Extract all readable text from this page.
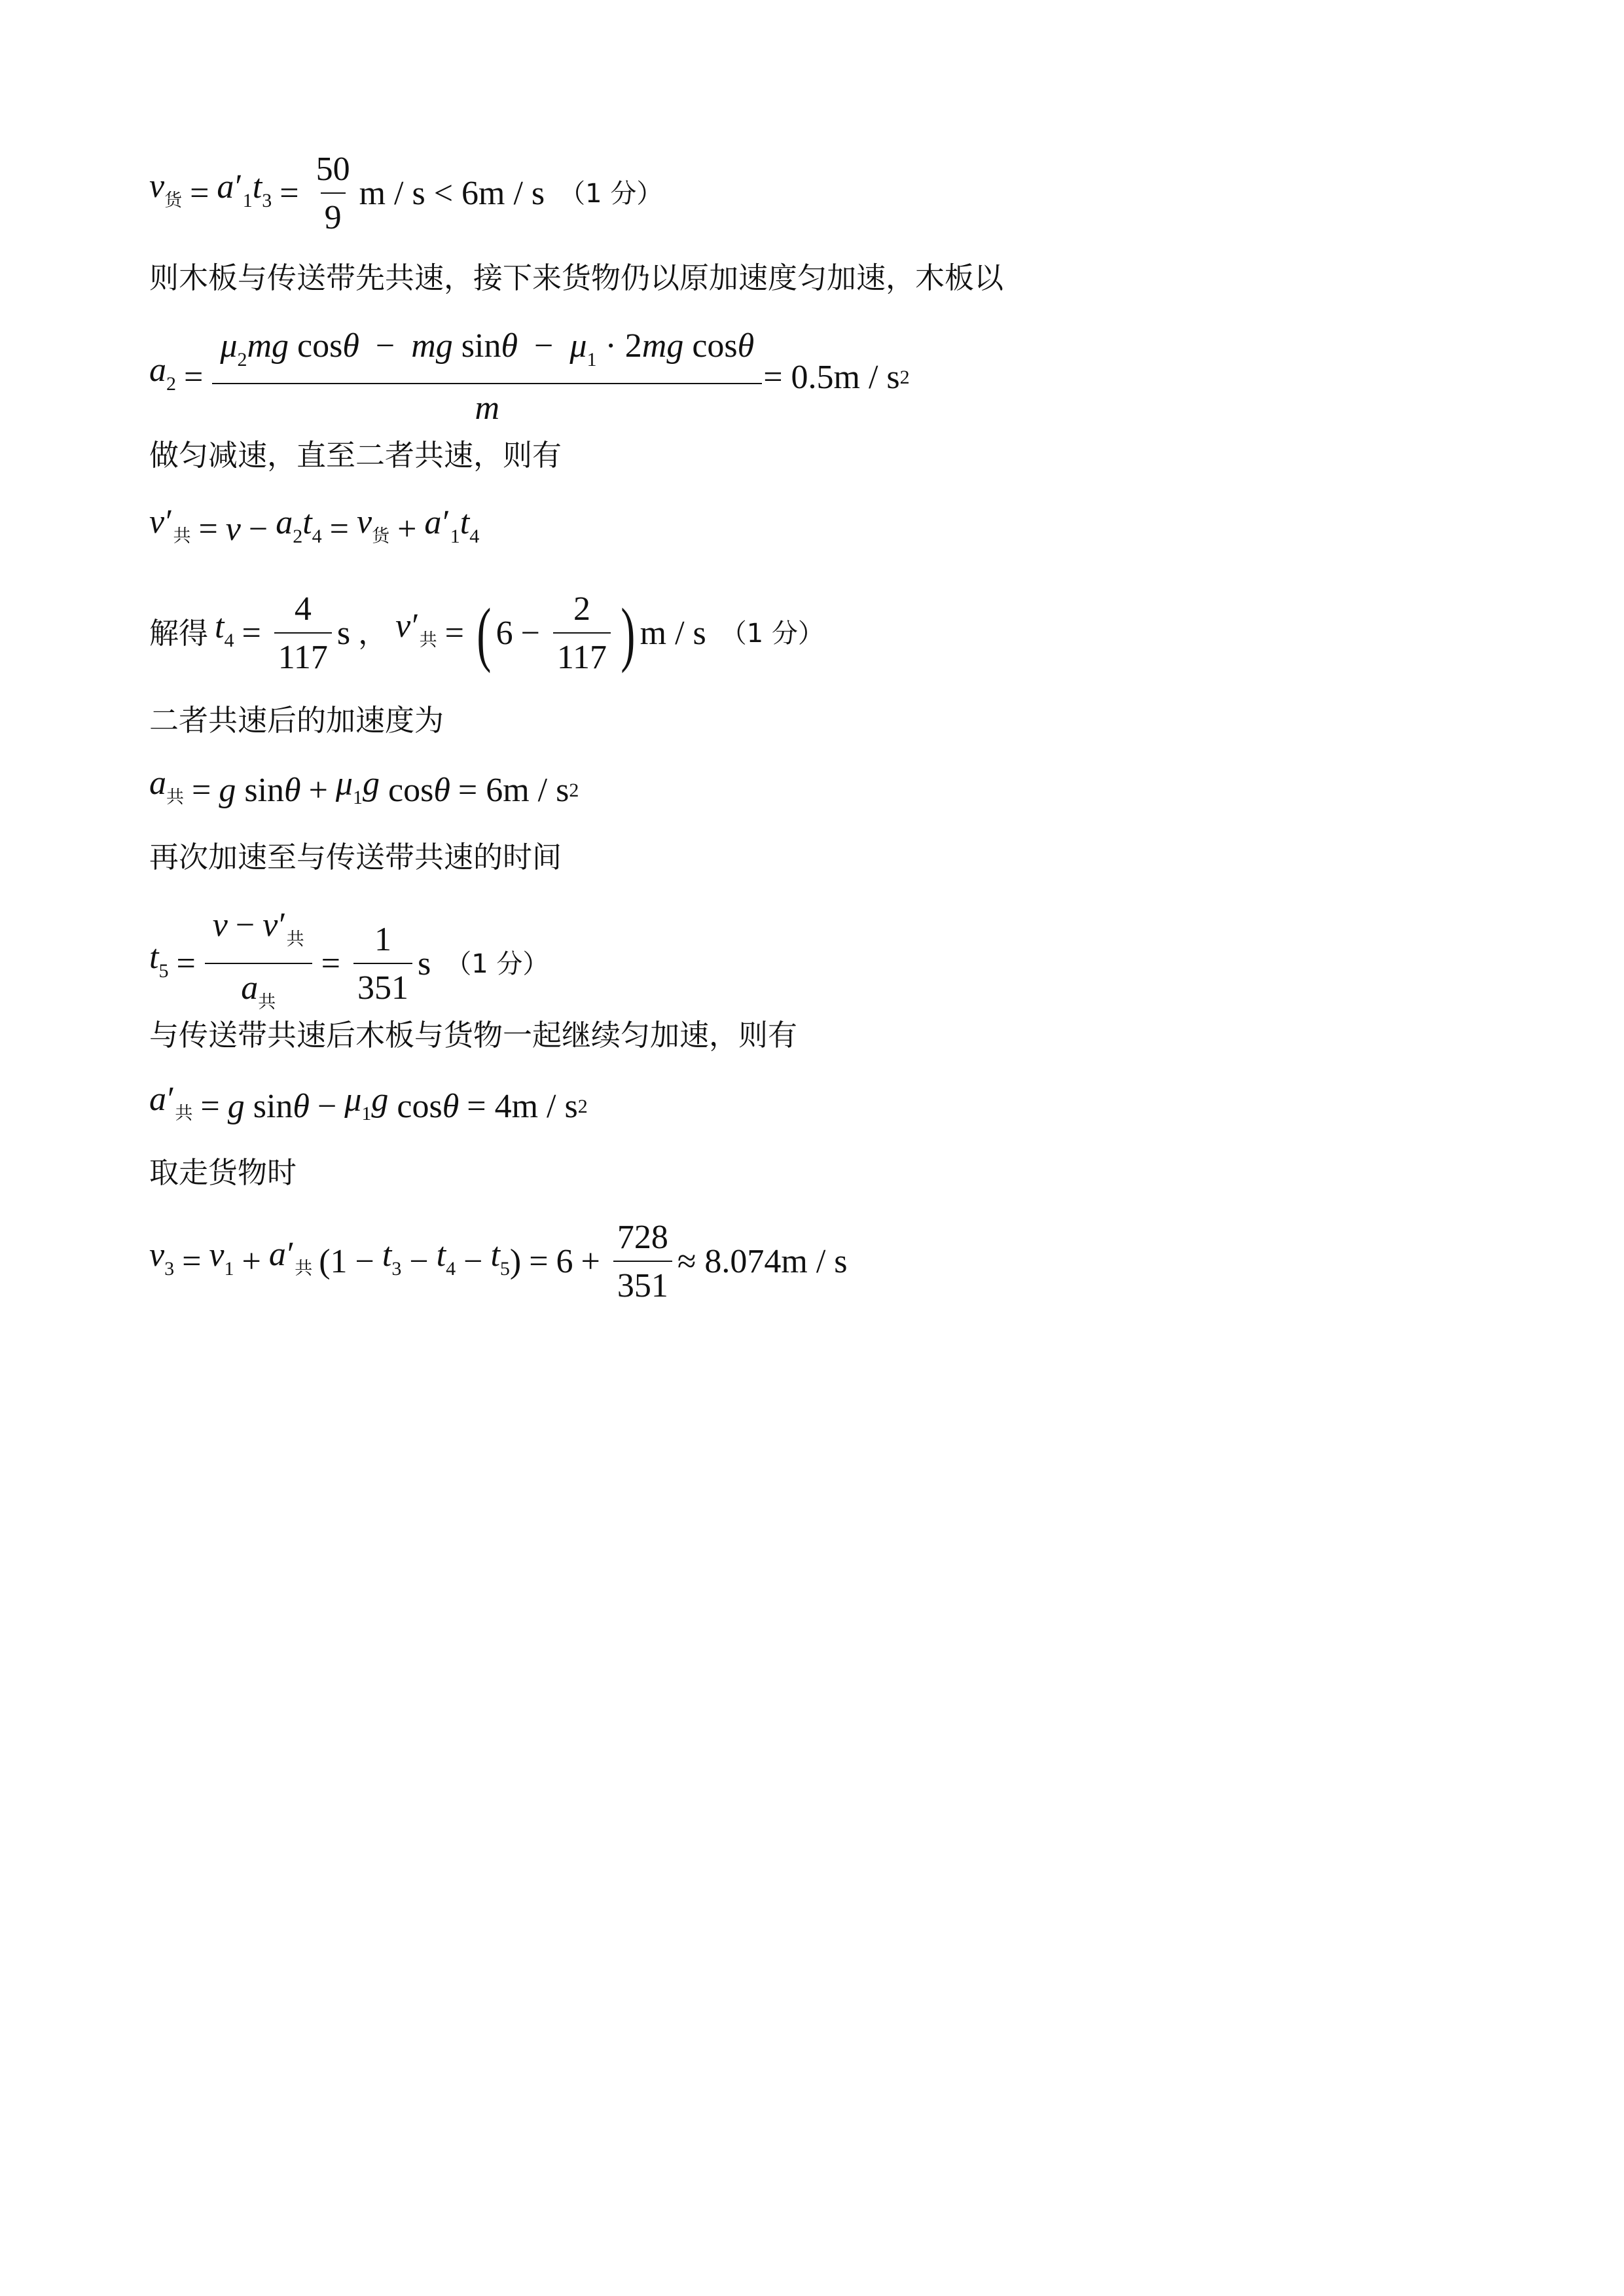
$v_货 = a'_1t_3 = \frac{50}{9}$ m / s < 6m / s （1 分）
则木板与传送带先共速，接下来货物仍以原加速度匀加速，木板以
$a_2$ =
$\mu_2mg$ cosθ − mg $\sin\theta - \mu_1 \cdot 2mg$ cosθ
m
= 0.5m / s 2
做匀减速，直至二者共速，则有
$v'_共 = v - a_2t_4 = v_货 + a'_1t_4$
解得 $t_4 = \frac{4}{117}$ s ， $v'_共$ = ( $6 - \frac{2}{117}$ ) m / s （1 分）
二者共速后的加速度为
$a_共 = g$
$\sin \theta + \mu_1g$
cos θ = 6m / s 2
再次加速至与传送带共速的时间
$t_5 = \frac{v - v'_共}{a_共} = \frac{1}{351}$ s （1 分）
与传送带共速后木板与货物一起继续匀加速，则有
$a'_共 = g$
$\sin \theta - \mu_1g$
cos θ = 4m / s 2
取走货物时
$v_3 = v_1 + a'_共$ ( $1 - t_3 - t_4 - t_5$ ) = $6 + \frac{728}{351} \approx 8.074m / s$
